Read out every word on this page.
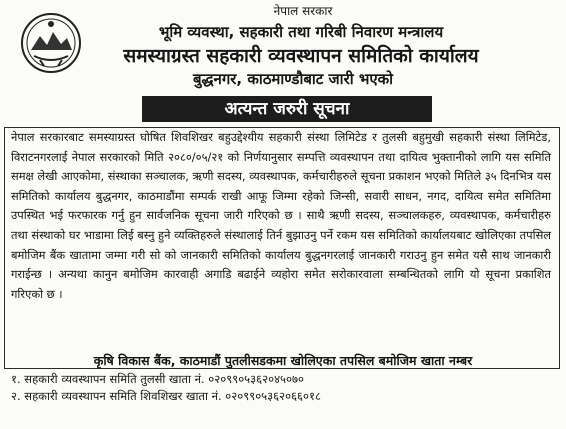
नेपाल सरकार
भूमि व्यवस्था, सहकारी तथा गरिबी निवारण मन्त्रालय
समस्याग्रस्त सहकारी व्यवस्थापन समितिको कार्यालय
बुद्धनगर, काठमाण्डौबाट जारी भएको
अत्यन्त जरुरी सूचना
नेपाल सरकारबाट समस्याग्रस्त घोषित शिवशिखर बहुउद्देश्यीय सहकारी संस्था लिमिटेड र तुलसी बहुमुखी सहकारी संस्था लिमिटेड, विराटनगरलाई नेपाल सरकारको मिति २०८०/०५/२१ को निर्णयानुसार सम्पत्ति व्यवस्थापन तथा दायित्व भुक्तानीको लागि यस समिति समक्ष लेखी आएकोमा, संस्थाका सञ्चालक, ऋणी सदस्य, व्यवस्थापक, कर्मचारीहरुले सूचना प्रकाशन भएको मितिले ३५ दिनभित्र यस समितिको कार्यालय बुद्धनगर, काठमाडौंमा सम्पर्क राखी आफू जिम्मा रहेको जिन्सी, सवारी साधन, नगद, दायित्व समेत समितिमा उपस्थित भई फरफारक गर्नु हुन सार्वजनिक सूचना जारी गरिएको छ । साथै ऋणी सदस्य, सञ्चालकहरु, व्यवस्थापक, कर्मचारीहरु तथा संस्थाको घर भाडामा लिई बस्नु हुने व्यक्तिहरुले संस्थालाई तिर्न बुझाउनु पर्ने रकम यस समितिको कार्यालयबाट खोलिएका तपसिल बमोजिम बैंक खातामा जम्मा गरी सो को जानकारी समितिको कार्यालय बुद्धनगरलाई जानकारी गराउनु हुन समेत यसै साथ जानकारी गराईन्छ । अन्यथा कानुन बमोजिम कारवाही अगाडि बढाईने व्यहोरा समेत सरोकारवाला सम्बन्धितको लागि यो सूचना प्रकाशित गरिएको छ ।
कृषि विकास बैंक, काठमाडौं पुतलीसडकमा खोलिएका तपसिल बमोजिम खाता नम्बर
१. सहकारी व्यवस्थापन समिति तुलसी खाता नं. ०२०९९०५३६२०४५०७०
२. सहकारी व्यवस्थापन समिति शिवशिखर खाता नं. ०२०९९०५३६२०६६०१८
